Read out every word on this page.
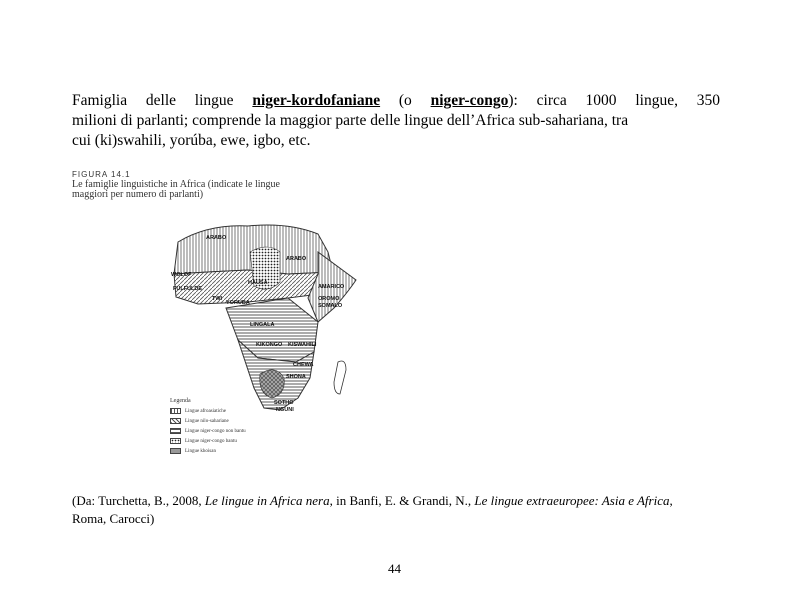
Famiglia delle lingue niger-kordofaniane (o niger-congo): circa 1000 lingue, 350
milioni di parlanti; comprende la maggior parte delle lingue dell’Africa sub-sahariana, tra
cui (ki)swahili, yorúba, ewe, igbo, etc.
FIGURA 14.1
Le famiglie linguistiche in Africa (indicate le lingue maggiori per numero di parlanti)
ARABO
ARABO
HAUSA
WOLOF
FULFULDE
TWI
YORUBA
AMARICO
OROMO
SOMALO
LINGALA
KIKONGO KISWAHILI
CHEWA
SHONA
SOTHO
NGUNI
Legenda
Lingue afroasiatiche
Lingue nilo-sahariane
Lingue niger-congo non bantu
Lingue niger-congo bantu
Lingue khoisan
(Da: Turchetta, B., 2008, Le lingue in Africa nera, in Banfi, E. & Grandi, N., Le lingue extraeuropee: Asia e Africa,
Roma, Carocci)
44
